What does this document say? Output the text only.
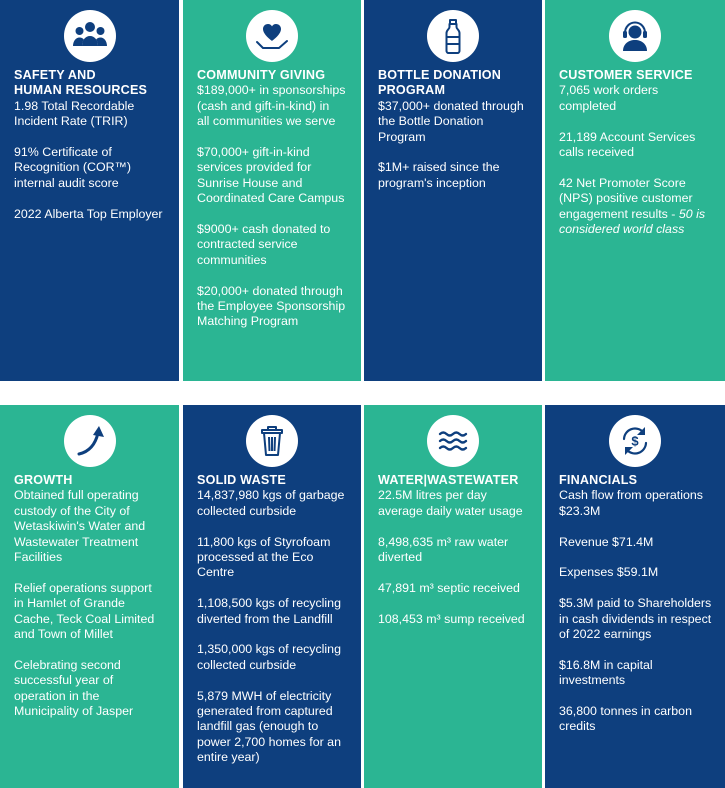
SAFETY AND
HUMAN RESOURCES
1.98 Total Recordable
Incident Rate (TRIR)
91% Certificate of
Recognition (COR™)
internal audit score
2022 Alberta Top Employer
COMMUNITY GIVING
$189,000+ in sponsorships
(cash and gift-in-kind) in
all communities we serve
$70,000+ gift-in-kind
services provided for
Sunrise House and
Coordinated Care Campus
$9000+ cash donated to
contracted service
communities
$20,000+ donated through
the Employee Sponsorship
Matching Program
BOTTLE DONATION
PROGRAM
$37,000+ donated through
the Bottle Donation
Program
$1M+ raised since the
program's inception
CUSTOMER SERVICE
7,065 work orders
completed
21,189 Account Services
calls received
42 Net Promoter Score
(NPS) positive customer
engagement results - 50 is
considered world class
GROWTH
Obtained full operating
custody of the City of
Wetaskiwin's Water and
Wastewater Treatment
Facilities
Relief operations support
in Hamlet of Grande
Cache, Teck Coal Limited
and Town of Millet
Celebrating second
successful year of
operation in the
Municipality of Jasper
SOLID WASTE
14,837,980 kgs of garbage
collected curbside
11,800 kgs of Styrofoam
processed at the Eco
Centre
1,108,500 kgs of recycling
diverted from the Landfill
1,350,000 kgs of recycling
collected curbside
5,879 MWH of electricity
generated from captured
landfill gas (enough to
power 2,700 homes for an
entire year)
WATER|WASTEWATER
22.5M litres per day
average daily water usage
8,498,635 m³ raw water
diverted
47,891 m³ septic received
108,453 m³ sump received
$
FINANCIALS
Cash flow from operations
$23.3M
Revenue $71.4M
Expenses $59.1M
$5.3M paid to Shareholders
in cash dividends in respect
of 2022 earnings
$16.8M in capital
investments
36,800 tonnes in carbon
credits
